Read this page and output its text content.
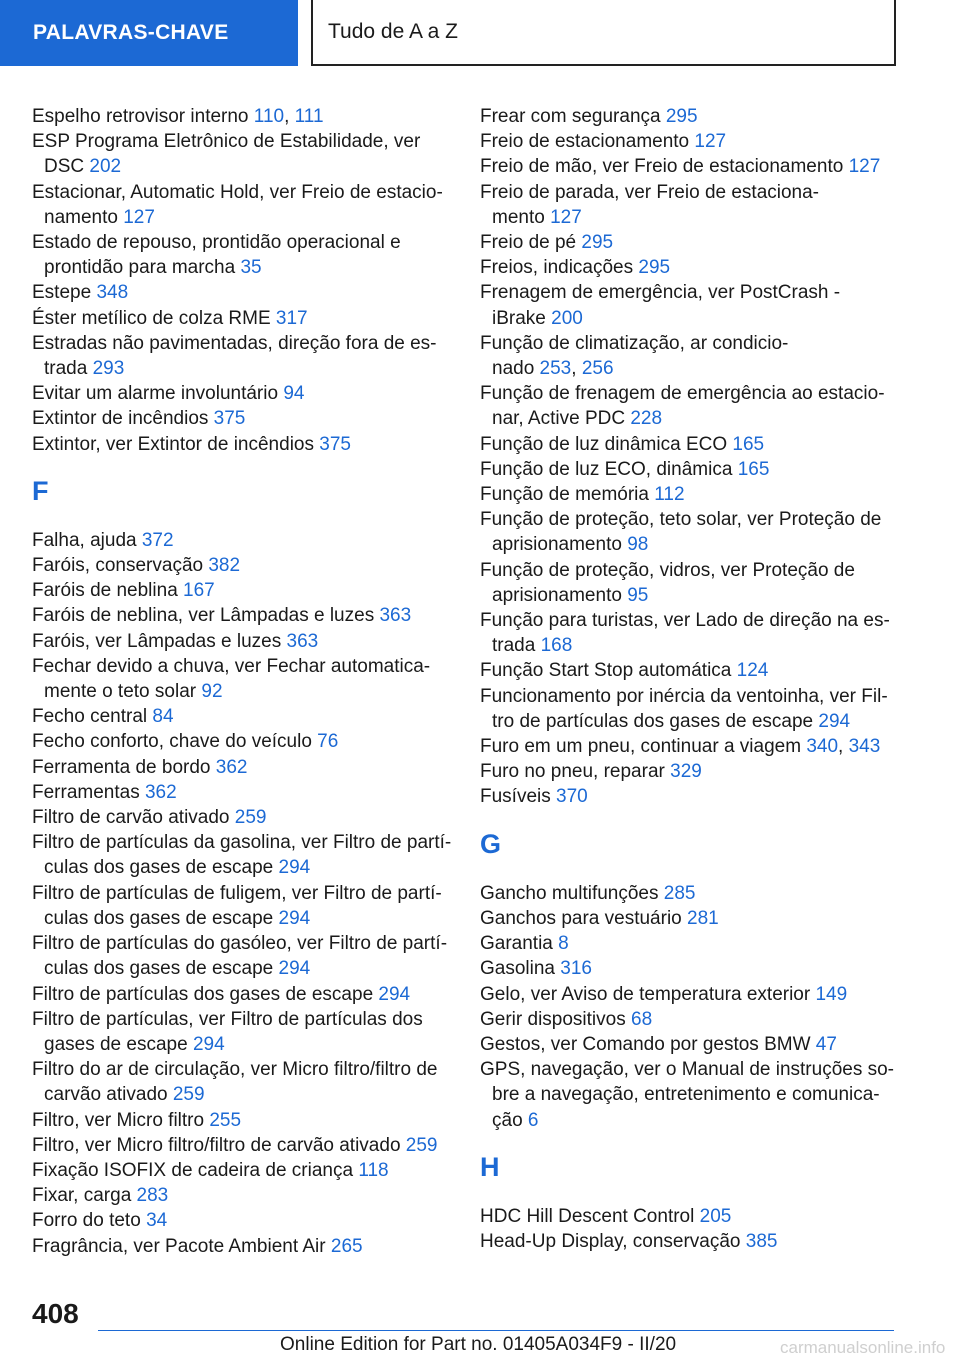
PALAVRAS-CHAVE	Tudo de A a Z
Espelho retrovisor interno 110, 111
ESP Programa Eletrônico de Estabilidade, ver
DSC 202
Estacionar, Automatic Hold, ver Freio de estacio-
namento 127
Estado de repouso, prontidão operacional e
prontidão para marcha 35
Estepe 348
Éster metílico de colza RME 317
Estradas não pavimentadas, direção fora de es-
trada 293
Evitar um alarme involuntário 94
Extintor de incêndios 375
Extintor, ver Extintor de incêndios 375
F
Falha, ajuda 372
Faróis, conservação 382
Faróis de neblina 167
Faróis de neblina, ver Lâmpadas e luzes 363
Faróis, ver Lâmpadas e luzes 363
Fechar devido a chuva, ver Fechar automatica-
mente o teto solar 92
Fecho central 84
Fecho conforto, chave do veículo 76
Ferramenta de bordo 362
Ferramentas 362
Filtro de carvão ativado 259
Filtro de partículas da gasolina, ver Filtro de partí-
culas dos gases de escape 294
Filtro de partículas de fuligem, ver Filtro de partí-
culas dos gases de escape 294
Filtro de partículas do gasóleo, ver Filtro de partí-
culas dos gases de escape 294
Filtro de partículas dos gases de escape 294
Filtro de partículas, ver Filtro de partículas dos
gases de escape 294
Filtro do ar de circulação, ver Micro filtro/filtro de
carvão ativado 259
Filtro, ver Micro filtro 255
Filtro, ver Micro filtro/filtro de carvão ativado 259
Fixação ISOFIX de cadeira de criança 118
Fixar, carga 283
Forro do teto 34
Fragrância, ver Pacote Ambient Air 265
Frear com segurança 295
Freio de estacionamento 127
Freio de mão, ver Freio de estacionamento 127
Freio de parada, ver Freio de estaciona-
mento 127
Freio de pé 295
Freios, indicações 295
Frenagem de emergência, ver PostCrash -
iBrake 200
Função de climatização, ar condicio-
nado 253, 256
Função de frenagem de emergência ao estacio-
nar, Active PDC 228
Função de luz dinâmica ECO 165
Função de luz ECO, dinâmica 165
Função de memória 112
Função de proteção, teto solar, ver Proteção de
aprisionamento 98
Função de proteção, vidros, ver Proteção de
aprisionamento 95
Função para turistas, ver Lado de direção na es-
trada 168
Função Start Stop automática 124
Funcionamento por inércia da ventoinha, ver Fil-
tro de partículas dos gases de escape 294
Furo em um pneu, continuar a viagem 340, 343
Furo no pneu, reparar 329
Fusíveis 370
G
Gancho multifunções 285
Ganchos para vestuário 281
Garantia 8
Gasolina 316
Gelo, ver Aviso de temperatura exterior 149
Gerir dispositivos 68
Gestos, ver Comando por gestos BMW 47
GPS, navegação, ver o Manual de instruções so-
bre a navegação, entretenimento e comunica-
ção 6
H
HDC Hill Descent Control 205
Head-Up Display, conservação 385
408
Online Edition for Part no. 01405A034F9 - II/20	carmanualsonline.info
